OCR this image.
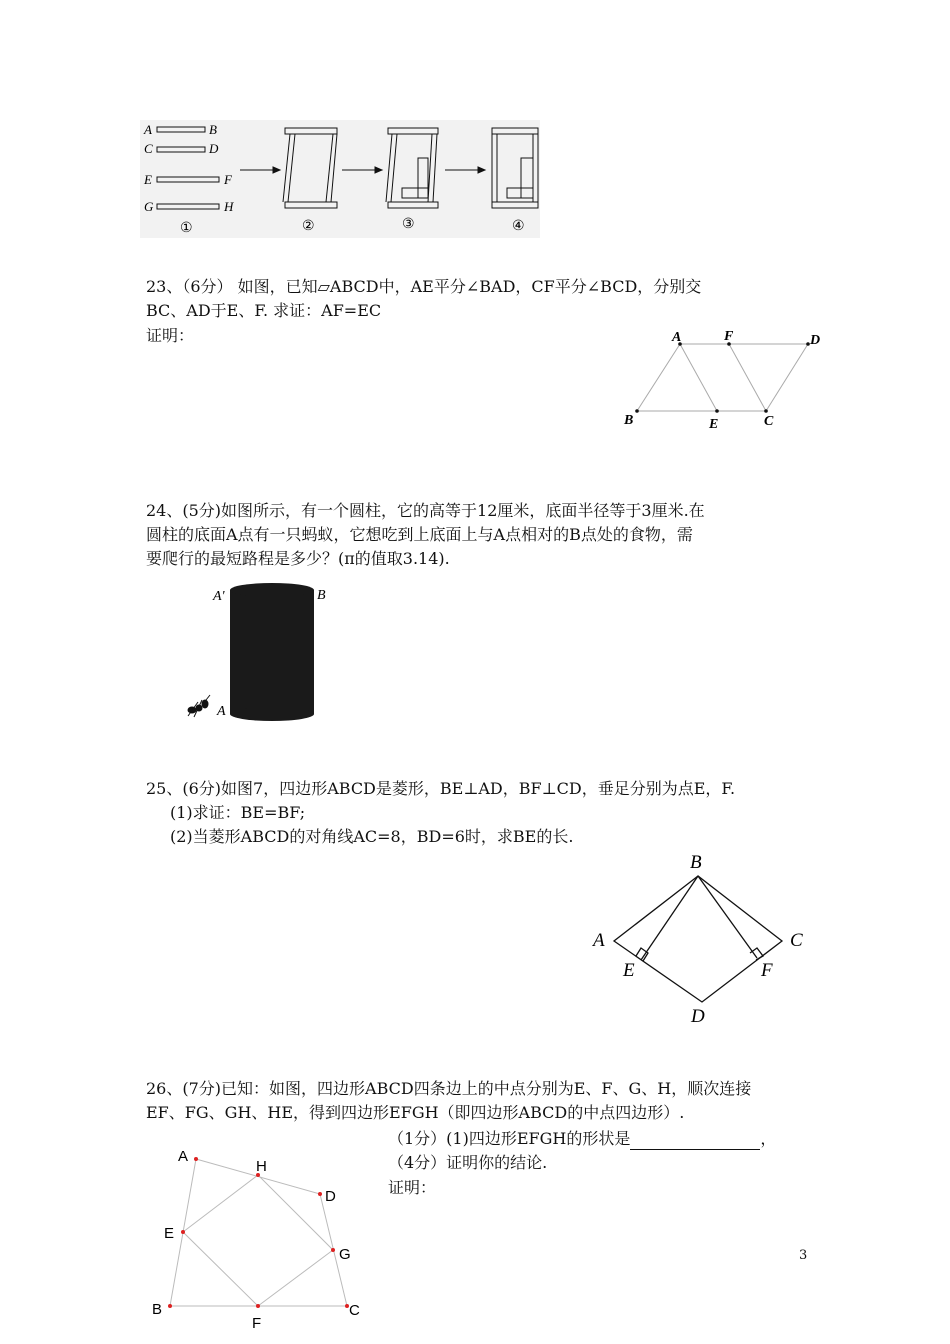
A	B
C	D
E	F
G	H
①	②	③	④
23、（6分） 如图，已知▱ABCD中，AE平分∠BAD，CF平分∠BCD，分别交
BC、AD于E、F. 求证：AF=EC
证明：	A	F	D
B	E	C
24、(5分)如图所示，有一个圆柱，它的高等于12厘米，底面半径等于3厘米.在
圆柱的底面A点有一只蚂蚁，它想吃到上底面上与A点相对的B点处的食物，需
要爬行的最短路程是多少？(π的值取3.14).
A'	B
A
25、(6分)如图7，四边形ABCD是菱形，BE⊥AD，BF⊥CD，垂足分别为点E，F.
(1)求证：BE=BF;
(2)当菱形ABCD的对角线AC=8，BD=6时，求BE的长.
B
A	C
E	F
D
26、(7分)已知：如图，四边形ABCD四条边上的中点分别为E、F、G、H，顺次连接
EF、FG、GH、HE，得到四边形EFGH（即四边形ABCD的中点四边形）.
（1分）(1)四边形EFGH的形状是	，
（4分）证明你的结论.
证明：
A
H
D
E
G
B
F
C
3
